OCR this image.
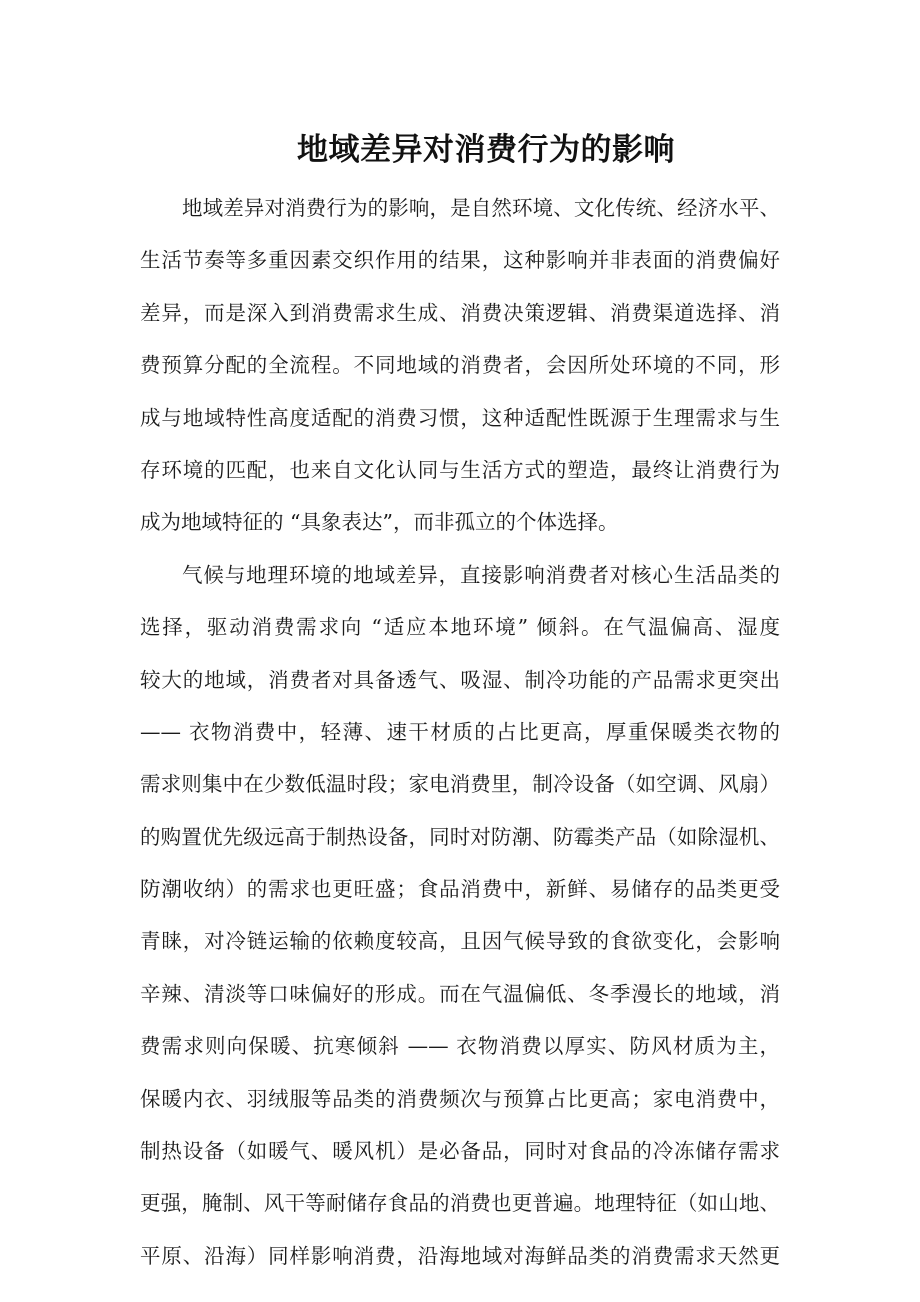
地域差异对消费行为的影响
地域差异对消费行为的影响，是自然环境、文化传统、经济水平、
生活节奏等多重因素交织作用的结果，这种影响并非表面的消费偏好
差异，而是深入到消费需求生成、消费决策逻辑、消费渠道选择、消
费预算分配的全流程。不同地域的消费者，会因所处环境的不同，形
成与地域特性高度适配的消费习惯，这种适配性既源于生理需求与生
存环境的匹配，也来自文化认同与生活方式的塑造，最终让消费行为
成为地域特征的 “具象表达”，而非孤立的个体选择。
气候与地理环境的地域差异，直接影响消费者对核心生活品类的
选择，驱动消费需求向 “适应本地环境” 倾斜。在气温偏高、湿度
较大的地域，消费者对具备透气、吸湿、制冷功能的产品需求更突出
—— 衣物消费中，轻薄、速干材质的占比更高，厚重保暖类衣物的
需求则集中在少数低温时段；家电消费里，制冷设备（如空调、风扇）
的购置优先级远高于制热设备，同时对防潮、防霉类产品（如除湿机、
防潮收纳）的需求也更旺盛；食品消费中，新鲜、易储存的品类更受
青睐，对冷链运输的依赖度较高，且因气候导致的食欲变化，会影响
辛辣、清淡等口味偏好的形成。而在气温偏低、冬季漫长的地域，消
费需求则向保暖、抗寒倾斜 —— 衣物消费以厚实、防风材质为主，
保暖内衣、羽绒服等品类的消费频次与预算占比更高；家电消费中，
制热设备（如暖气、暖风机）是必备品，同时对食品的冷冻储存需求
更强，腌制、风干等耐储存食品的消费也更普遍。地理特征（如山地、
平原、沿海）同样影响消费，沿海地域对海鲜品类的消费需求天然更
